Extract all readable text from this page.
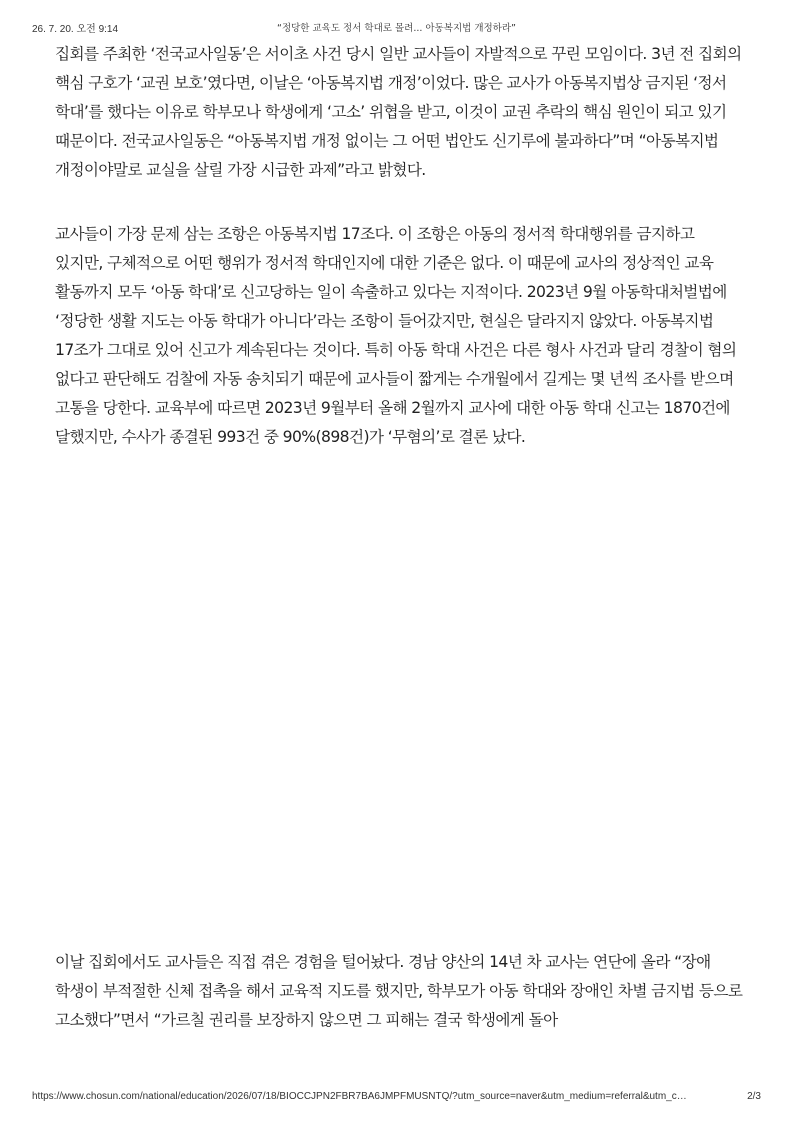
26. 7. 20. 오전 9:14	“정당한 교육도 정서 학대로 몰려... 아동복지법 개정하라”

집회를 주최한 ‘전국교사일동’은 서이초 사건 당시 일반 교사들이 자발적으로 꾸린 모임이다. 3년 전 집회의 핵심 구호가 ‘교권 보호’였다면, 이날은 ‘아동복지법 개정’이었다. 많은 교사가 아동복지법상 금지된 ‘정서 학대’를 했다는 이유로 학부모나 학생에게 ‘고소’ 위협을 받고, 이것이 교권 추락의 핵심 원인이 되고 있기 때문이다. 전국교사일동은 “아동복지법 개정 없이는 그 어떤 법안도 신기루에 불과하다”며 “아동복지법 개정이야말로 교실을 살릴 가장 시급한 과제”라고 밝혔다.

교사들이 가장 문제 삼는 조항은 아동복지법 17조다. 이 조항은 아동의 정서적 학대행위를 금지하고 있지만, 구체적으로 어떤 행위가 정서적 학대인지에 대한 기준은 없다. 이 때문에 교사의 정상적인 교육 활동까지 모두 ‘아동 학대’로 신고당하는 일이 속출하고 있다는 지적이다. 2023년 9월 아동학대처벌법에 ‘정당한 생활 지도는 아동 학대가 아니다’라는 조항이 들어갔지만, 현실은 달라지지 않았다. 아동복지법 17조가 그대로 있어 신고가 계속된다는 것이다. 특히 아동 학대 사건은 다른 형사 사건과 달리 경찰이 혐의 없다고 판단해도 검찰에 자동 송치되기 때문에 교사들이 짧게는 수개월에서 길게는 몇 년씩 조사를 받으며 고통을 당한다. 교육부에 따르면 2023년 9월부터 올해 2월까지 교사에 대한 아동 학대 신고는 1870건에 달했지만, 수사가 종결된 993건 중 90%(898건)가 ‘무혐의’로 결론 났다.

이날 집회에서도 교사들은 직접 겪은 경험을 털어놨다. 경남 양산의 14년 차 교사는 연단에 올라 “장애 학생이 부적절한 신체 접촉을 해서 교육적 지도를 했지만, 학부모가 아동 학대와 장애인 차별 금지법 등으로 고소했다”면서 “가르칠 권리를 보장하지 않으면 그 피해는 결국 학생에게 돌아

https://www.chosun.com/national/education/2026/07/18/BIOCCJPN2FBR7BA6JMPFMUSNTQ/?utm_source=naver&utm_medium=referral&utm_c…	2/3
